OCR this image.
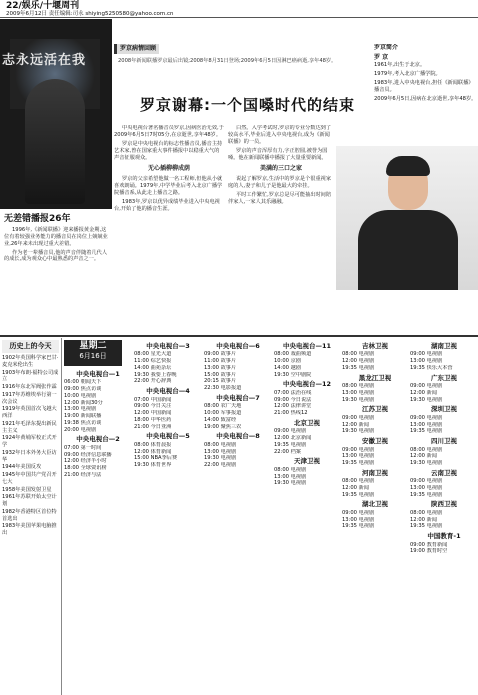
22/娱乐/十堰周刊
2009年6月12日 责任编辑:司永 shiying5250580@yahoo.com.cn
志永远活在我
无差错播报26年

1996年,《新闻联播》迎来播报黄金期,这位有着较强业务能力的播音员在岗位上兢兢业业,26年来未出现过重大差错。

作为老一辈播音员,他的声音伴随着几代人的成长,成为观众心中最熟悉的声音之一。

罗京病情回顾
2008年新闻联播罗京最后出镜;2008年8月31日登场;2009年6月5日因淋巴癌病逝,享年48岁。
罗京谢幕:一个国嗓时代的结束

中央电视台著名播音员罗京,因病医治无效,于2009年6月5日7时05分,在京逝世,享年48岁。

罗京是中央电视台的标志性播音员,播音主持艺术家,曾在国家重大事件播报中以稳重大气的声音征服观众。

无心插柳柳成荫

罗京的父亲希望他做一名工程师,但他从小就喜欢朗诵。1979年,中学毕业后考入北京广播学院播音系,从此走上播音之路。

1983年,罗京以优异成绩毕业进入中央电视台,开始了他的播音生涯。

白然。入学考试时,罗京的专业分数达到了较高水平,毕业后进入中央电视台,成为《新闻联播》的一员。

罗京的声音浑厚有力,字正腔圆,被誉为国嗓。他在新闻联播中播报了大量重要新闻。

美满的三口之家

说起了解罗京,生活中的罗京是个很重视家庭的人,妻子和儿子是他最大的牵挂。

平时工作繁忙,罗京总是尽可能抽出时间陪伴家人,一家人其乐融融。

罗京简介
罗 京

1961年,出生于北京。

1979年,考入北京广播学院。

1983年,进入中央电视台,担任《新闻联播》播音员。

2009年6月5日,因病在北京逝世,享年48岁。

历史上的今天
1902年英国科学家巴甘·麦克米伦出生
1903年布朗·福特公司成立
1916年东北军阀张作霖
1917年苏维埃举行第一次会议
1919年英国首次飞越大西洋
1921年毛泽东提出新民主主义
1924年黄埔军校正式开学
1932年日本外务大臣访华
1944年美国反攻
1945年中国共产党召开七大
1958年美国发射卫星
1961年苏联开始太空计划
1982年香港特区首位特首选出
1983年美国苹果电脑推出
星期二
6月16日
中央电视台—1
06:00 朝闻天下
09:00 焦点访谈
10:00 电视剧
12:00 新闻30分
13:00 电视剧
19:00 新闻联播
19:38 焦点访谈
20:00 电视剧
中央电视台—2
07:00 第一时间
09:00 经济信息联播
12:00 经济半小时
18:00 全球资讯榜
21:00 经济与法
中央电视台—3
08:00 星光大道
11:00 综艺快报
14:00 曲苑杂坛
19:30 我要上春晚
22:00 开心辞典
中央电视台—4
07:00 中国新闻
09:00 今日关注
12:00 中国新闻
18:00 中华医药
21:00 今日亚洲
中央电视台—5
08:00 体育晨报
12:00 体育新闻
15:00 NBA季后赛
19:30 体育世界
中央电视台—6
09:00 故事片
11:00 故事片
13:00 故事片
15:00 故事片
20:15 故事片
22:30 电影报道
中央电视台—7
08:00 农广天地
10:00 军事报道
14:00 致富经
19:00 聚焦三农
中央电视台—8
08:00 电视剧
13:00 电视剧
19:30 电视剧
22:00 电视剧
中央电视台—11
08:00 戏曲频道
10:00 京剧
14:00 越剧
19:30 空中剧院
中央电视台—12
07:00 法治在线
09:00 今日说法
12:00 法律讲堂
21:00 热线12
北京卫视
09:00 电视剧
12:00 北京新闻
19:35 电视剧
22:00 档案
天津卫视
08:00 电视剧
13:00 电视剧
19:30 电视剧
吉林卫视
08:00 电视剧
12:00 电视剧
19:35 电视剧
黑龙江卫视
08:00 电视剧
13:00 电视剧
19:30 电视剧
江苏卫视
09:00 电视剧
12:00 新闻
19:30 电视剧
安徽卫视
09:00 电视剧
13:00 电视剧
19:35 电视剧
河南卫视
08:00 电视剧
12:00 新闻
19:35 电视剧
湖北卫视
09:00 电视剧
13:00 电视剧
19:35 电视剧
湖南卫视
09:00 电视剧
13:00 电视剧
19:35 快乐大本营
广东卫视
09:00 电视剧
12:00 新闻
19:30 电视剧
深圳卫视
09:00 电视剧
13:00 电视剧
19:35 电视剧
四川卫视
08:00 电视剧
12:00 新闻
19:30 电视剧
云南卫视
09:00 电视剧
13:00 电视剧
19:35 电视剧
陕西卫视
08:00 电视剧
12:00 新闻
19:35 电视剧
中国教育-1
09:00 教育新闻
19:00 教育时空
